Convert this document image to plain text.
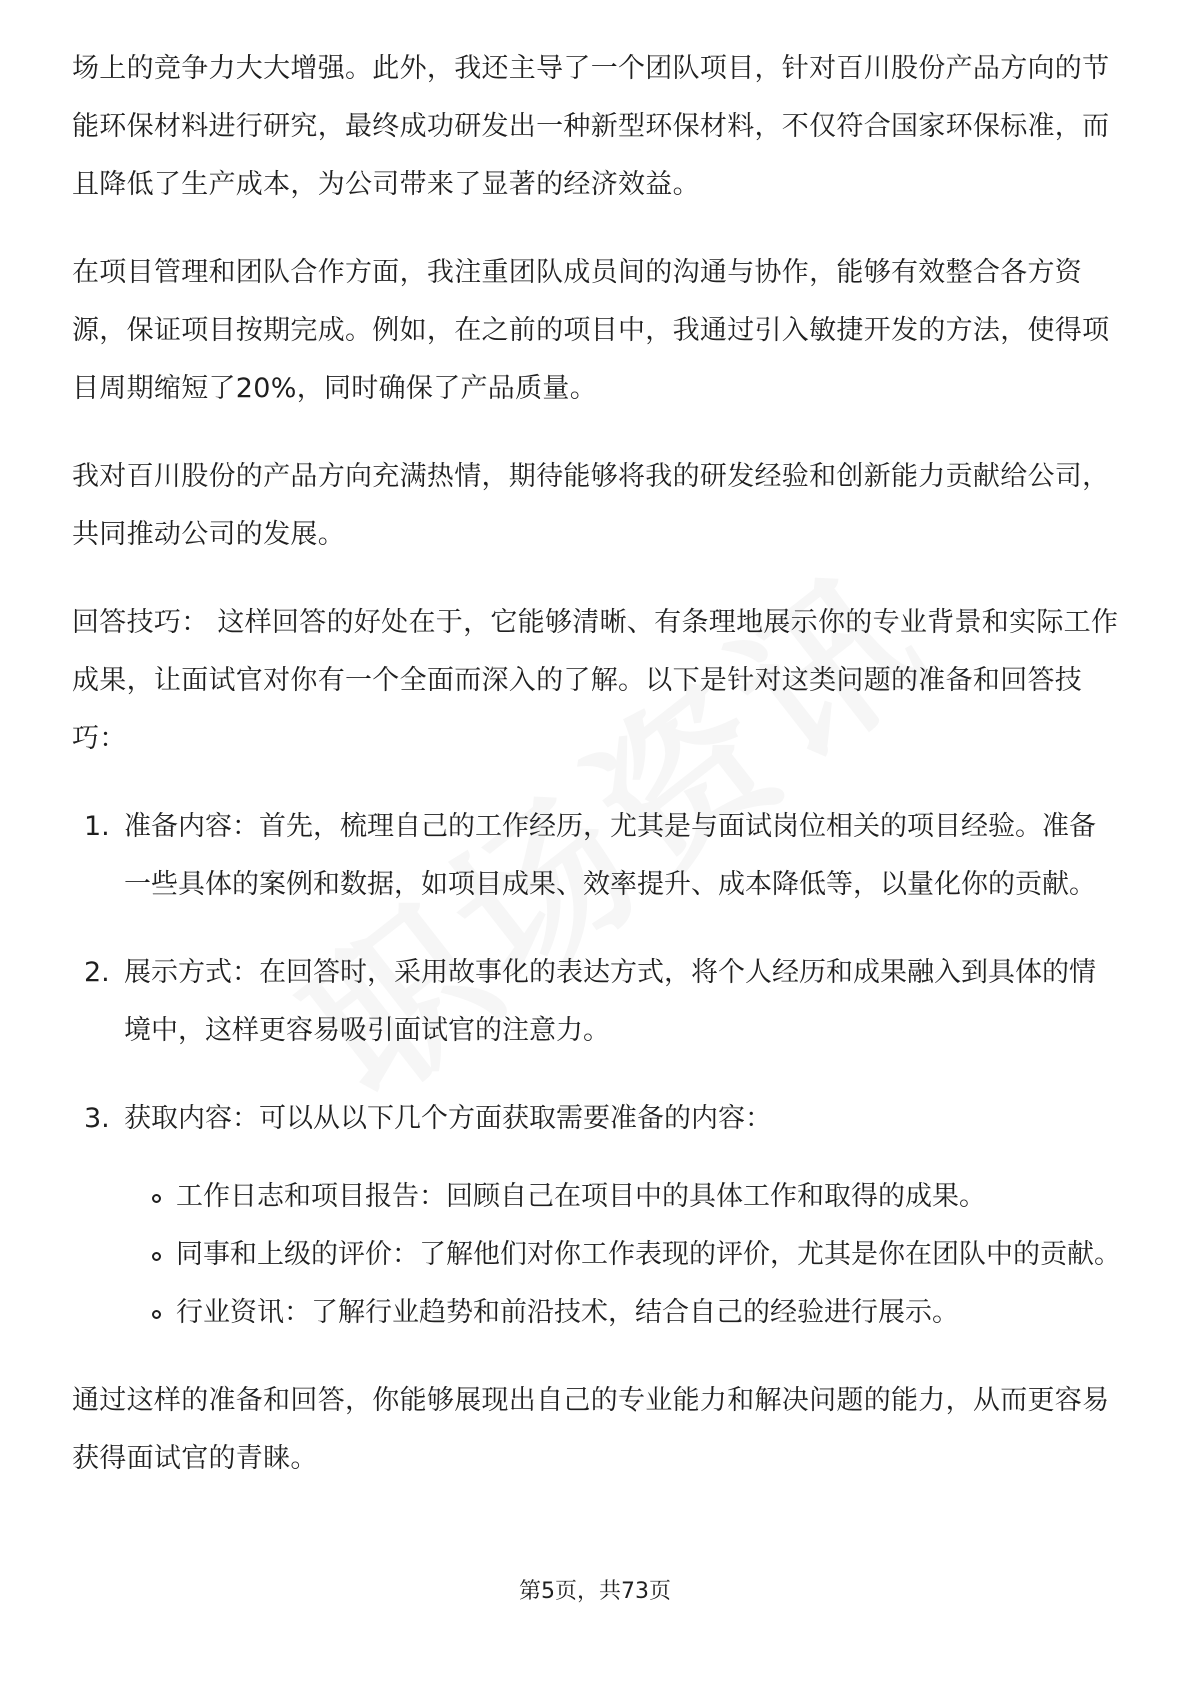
场上的竞争力大大增强。此外，我还主导了一个团队项目，针对百川股份产品方向的节能环保材料进行研究，最终成功研发出一种新型环保材料，不仅符合国家环保标准，而且降低了生产成本，为公司带来了显著的经济效益。

在项目管理和团队合作方面，我注重团队成员间的沟通与协作，能够有效整合各方资源，保证项目按期完成。例如，在之前的项目中，我通过引入敏捷开发的方法，使得项目周期缩短了20%，同时确保了产品质量。

我对百川股份的产品方向充满热情，期待能够将我的研发经验和创新能力贡献给公司，共同推动公司的发展。

回答技巧： 这样回答的好处在于，它能够清晰、有条理地展示你的专业背景和实际工作成果，让面试官对你有一个全面而深入的了解。以下是针对这类问题的准备和回答技巧：

1. 准备内容：首先，梳理自己的工作经历，尤其是与面试岗位相关的项目经验。准备一些具体的案例和数据，如项目成果、效率提升、成本降低等，以量化你的贡献。
2. 展示方式：在回答时，采用故事化的表达方式，将个人经历和成果融入到具体的情境中，这样更容易吸引面试官的注意力。
3. 获取内容：可以从以下几个方面获取需要准备的内容：
工作日志和项目报告：回顾自己在项目中的具体工作和取得的成果。
同事和上级的评价：了解他们对你工作表现的评价，尤其是你在团队中的贡献。
行业资讯：了解行业趋势和前沿技术，结合自己的经验进行展示。

通过这样的准备和回答，你能够展现出自己的专业能力和解决问题的能力，从而更容易获得面试官的青睐。

第5页，共73页
